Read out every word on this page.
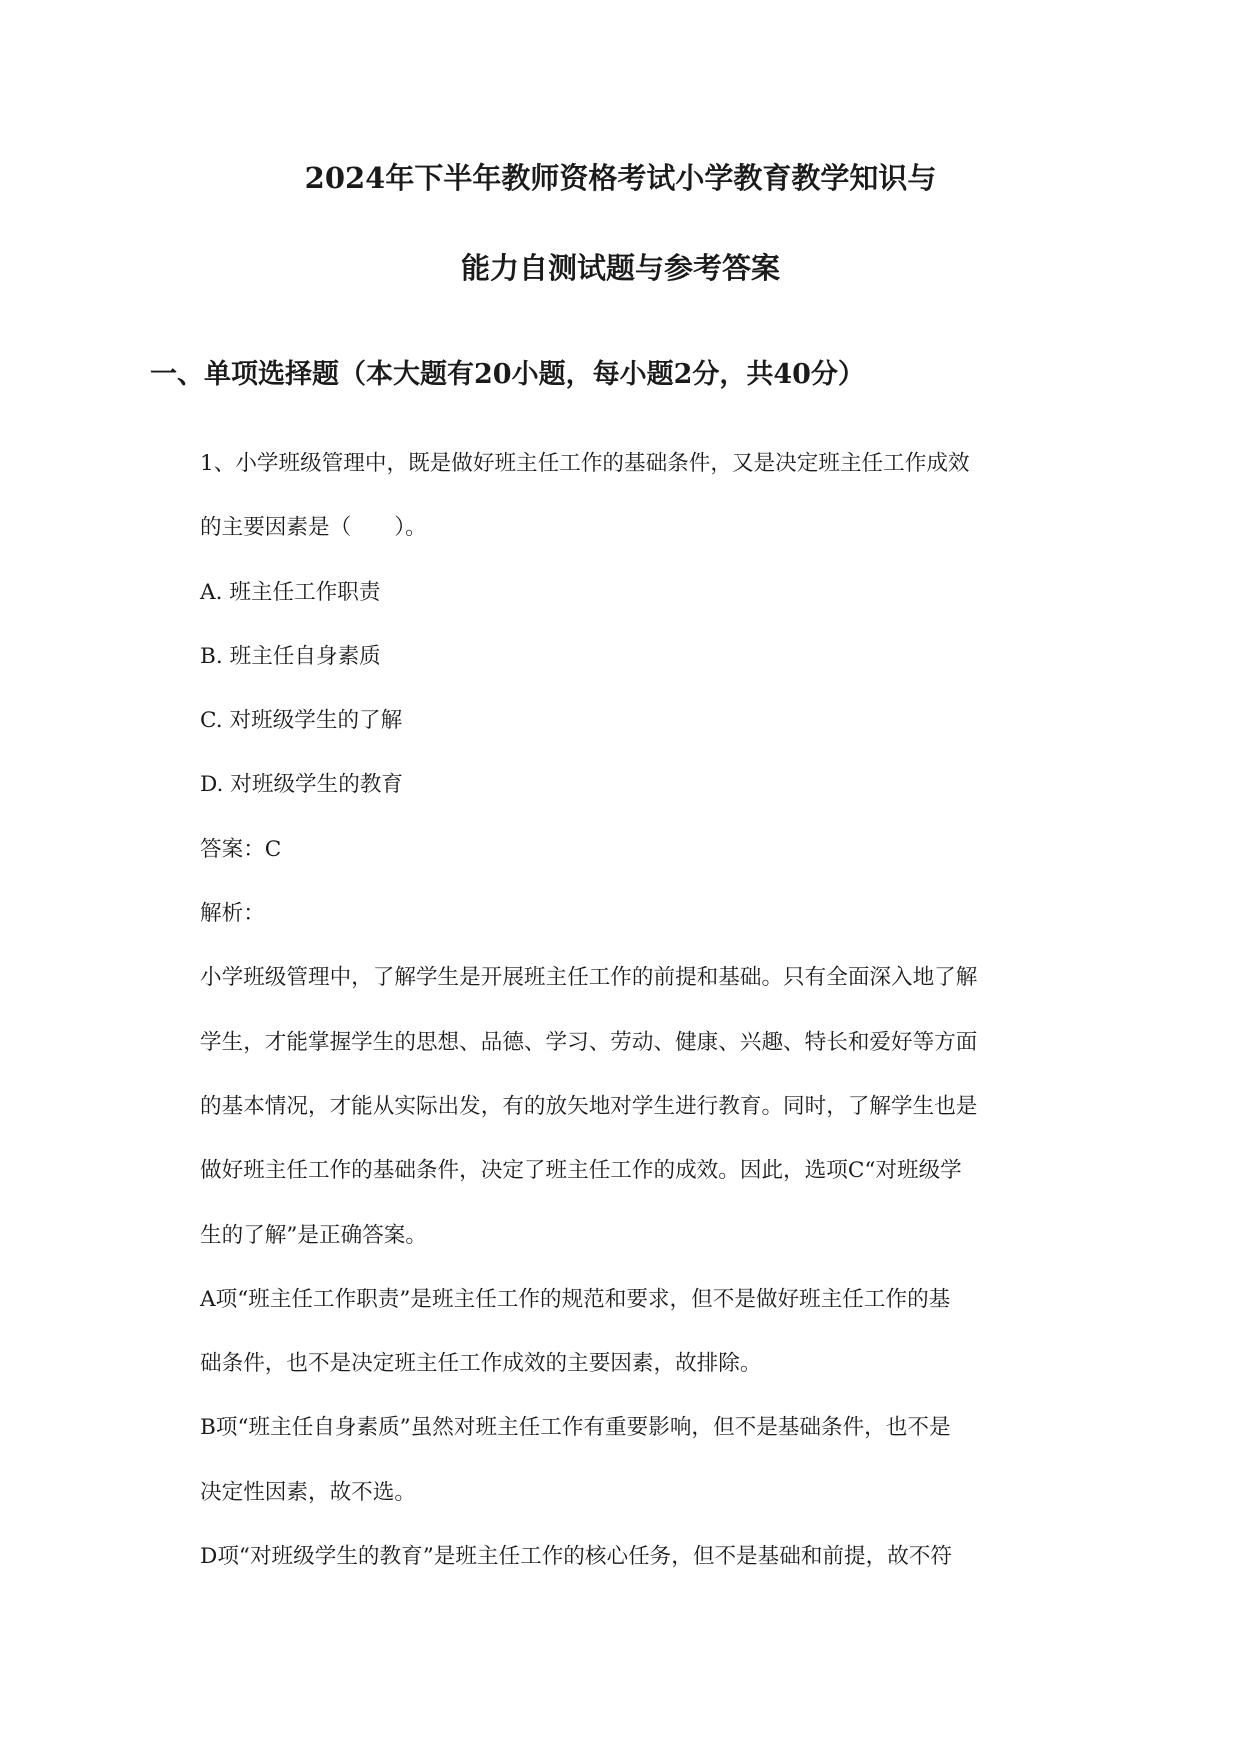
2024年下半年教师资格考试小学教育教学知识与
能力自测试题与参考答案
一、单项选择题（本大题有20小题，每小题2分，共40分）
1、小学班级管理中，既是做好班主任工作的基础条件，又是决定班主任工作成效
的主要因素是（　　）。
A. 班主任工作职责
B. 班主任自身素质
C. 对班级学生的了解
D. 对班级学生的教育
答案：C
解析：
小学班级管理中，了解学生是开展班主任工作的前提和基础。只有全面深入地了解
学生，才能掌握学生的思想、品德、学习、劳动、健康、兴趣、特长和爱好等方面
的基本情况，才能从实际出发，有的放矢地对学生进行教育。同时，了解学生也是
做好班主任工作的基础条件，决定了班主任工作的成效。因此，选项C“对班级学
生的了解”是正确答案。
A项“班主任工作职责”是班主任工作的规范和要求，但不是做好班主任工作的基
础条件，也不是决定班主任工作成效的主要因素，故排除。
B项“班主任自身素质”虽然对班主任工作有重要影响，但不是基础条件，也不是
决定性因素，故不选。
D项“对班级学生的教育”是班主任工作的核心任务，但不是基础和前提，故不符
